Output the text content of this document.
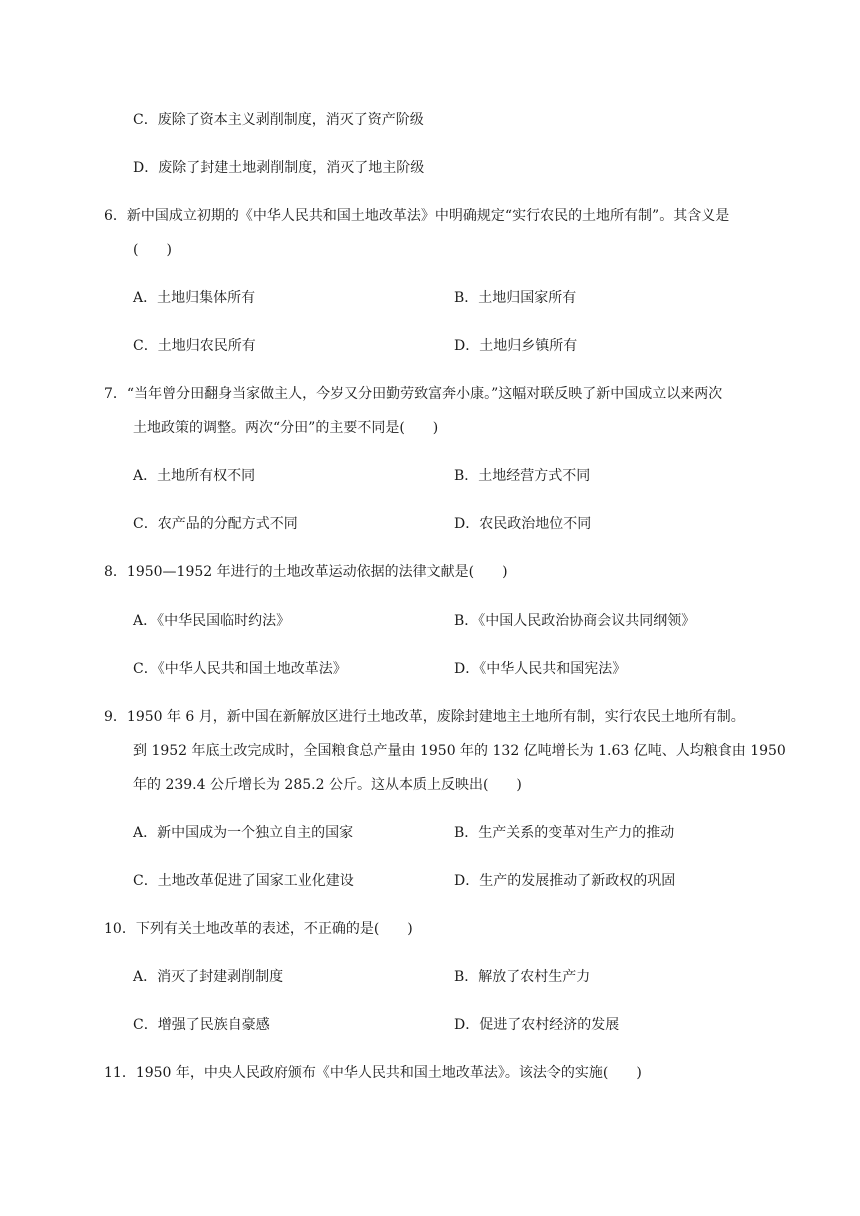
C．废除了资本主义剥削制度，消灭了资产阶级
D．废除了封建土地剥削制度，消灭了地主阶级
6．新中国成立初期的《中华人民共和国土地改革法》中明确规定“实行农民的土地所有制”。其含义是
(　　)
A．土地归集体所有	B．土地归国家所有
C．土地归农民所有	D．土地归乡镇所有
7．“当年曾分田翻身当家做主人，今岁又分田勤劳致富奔小康。”这幅对联反映了新中国成立以来两次
土地政策的调整。两次“分田”的主要不同是(　　)
A．土地所有权不同	B．土地经营方式不同
C．农产品的分配方式不同	D．农民政治地位不同
8．1950—1952 年进行的土地改革运动依据的法律文献是(　　)
A．《中华民国临时约法》	B．《中国人民政治协商会议共同纲领》
C．《中华人民共和国土地改革法》	D．《中华人民共和国宪法》
9．1950 年 6 月，新中国在新解放区进行土地改革，废除封建地主土地所有制，实行农民土地所有制。
到 1952 年底土改完成时，全国粮食总产量由 1950 年的 132 亿吨增长为 1.63 亿吨、人均粮食由 1950
年的 239.4 公斤增长为 285.2 公斤。这从本质上反映出(　　)
A．新中国成为一个独立自主的国家	B．生产关系的变革对生产力的推动
C．土地改革促进了国家工业化建设	D．生产的发展推动了新政权的巩固
10．下列有关土地改革的表述，不正确的是(　　)
A．消灭了封建剥削制度	B．解放了农村生产力
C．增强了民族自豪感	D．促进了农村经济的发展
11．1950 年，中央人民政府颁布《中华人民共和国土地改革法》。该法令的实施(　　)
